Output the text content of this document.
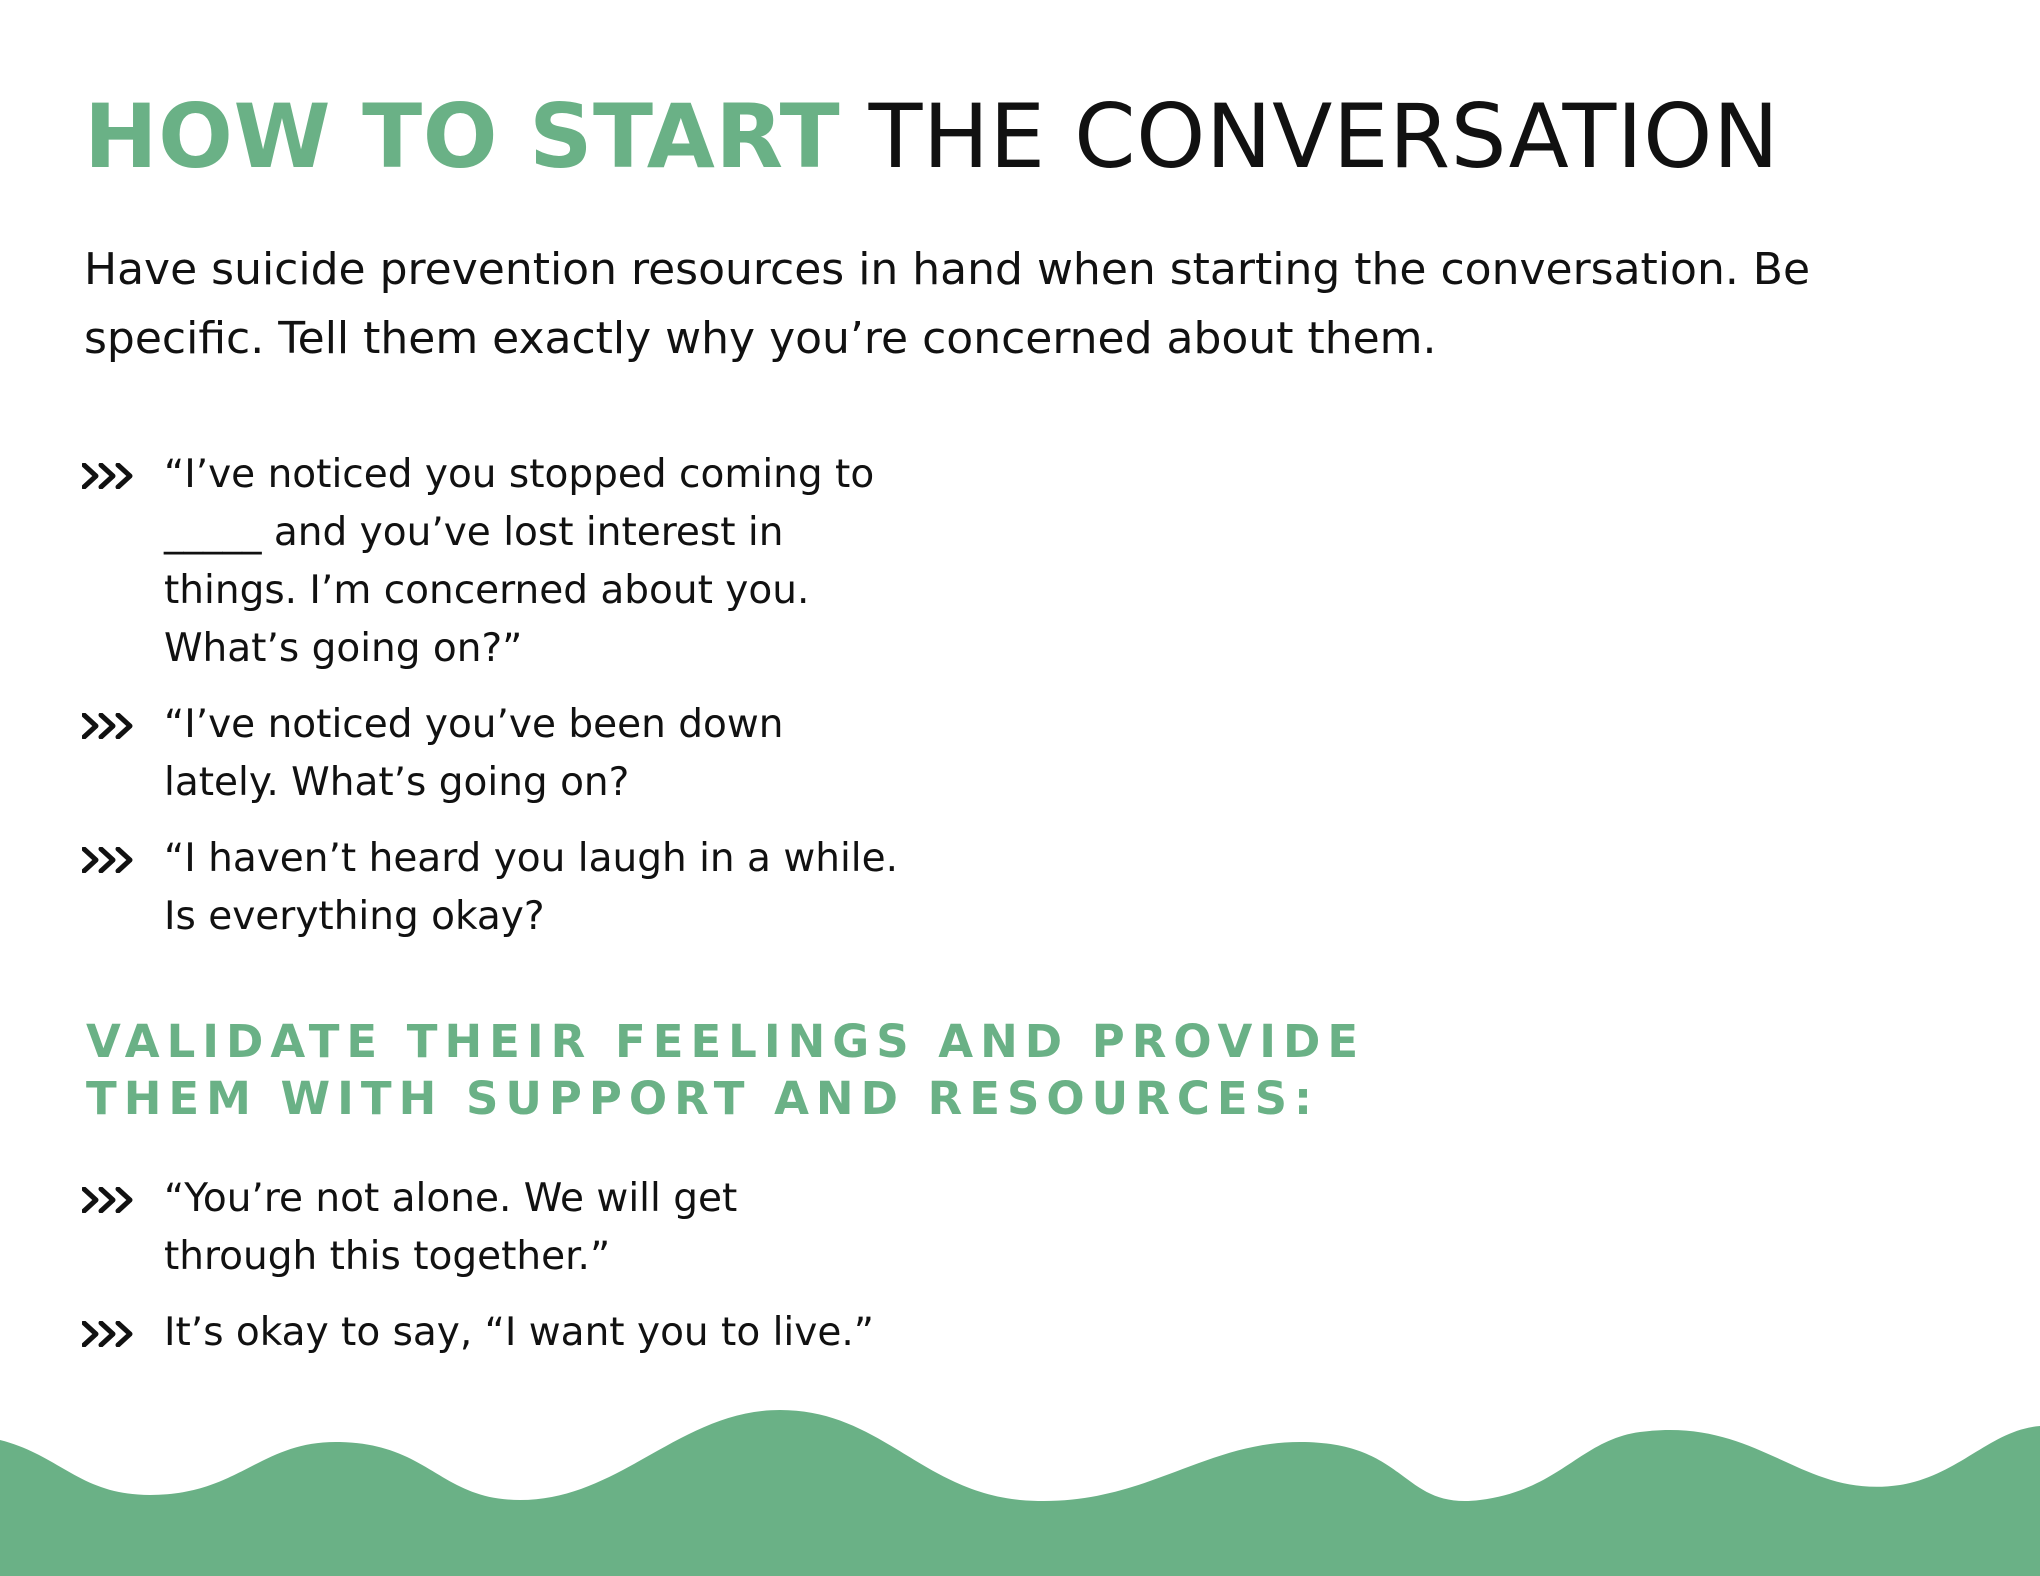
HOW TO START THE CONVERSATION

Have suicide prevention resources in hand when starting the conversation. Be specific. Tell them exactly why you’re concerned about them.

“I’ve noticed you stopped coming to
_____ and you’ve lost interest in
things. I’m concerned about you.
What’s going on?”
“I’ve noticed you’ve been down
lately. What’s going on?
“I haven’t heard you laugh in a while.
Is everything okay?
VALIDATE THEIR FEELINGS AND PROVIDE
THEM WITH SUPPORT AND RESOURCES:
“You’re not alone. We will get
through this together.”
It’s okay to say, “I want you to live.”
